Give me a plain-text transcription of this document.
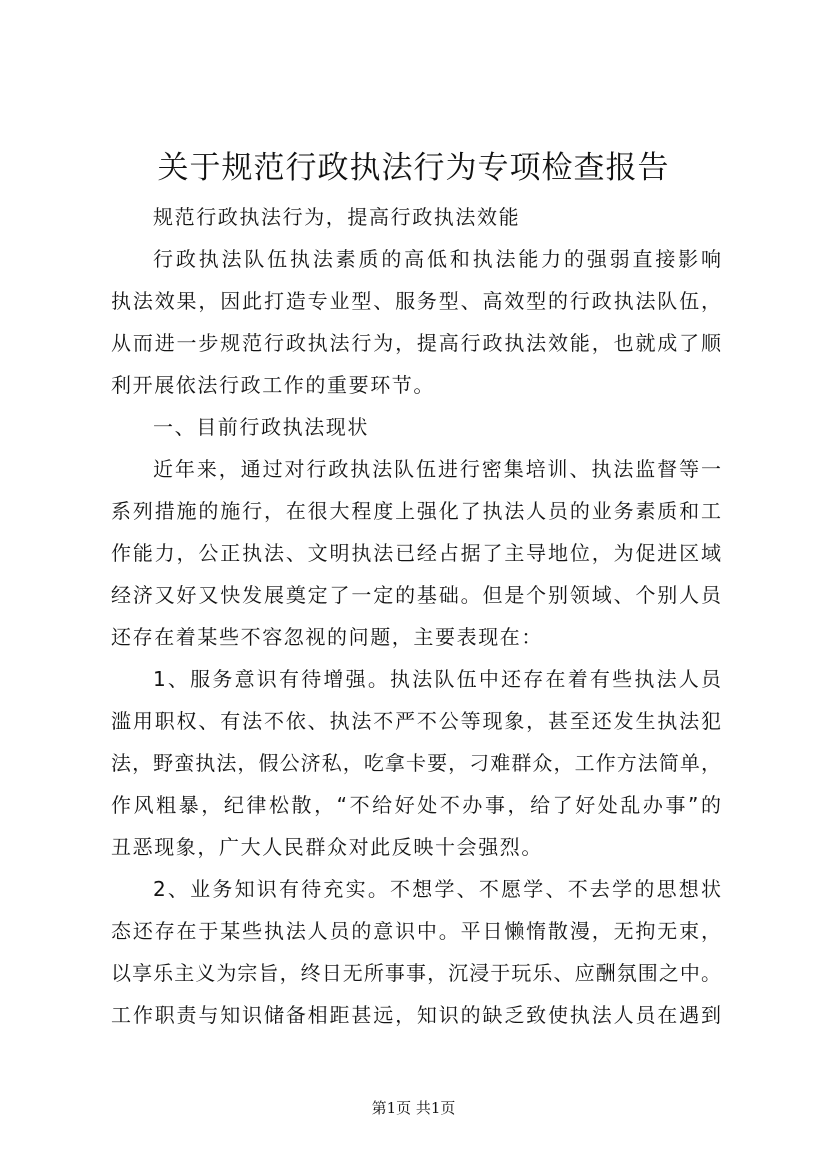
关于规范行政执法行为专项检查报告
规范行政执法行为，提高行政执法效能
行政执法队伍执法素质的高低和执法能力的强弱直接影响
执法效果，因此打造专业型、服务型、高效型的行政执法队伍，
从而进一步规范行政执法行为，提高行政执法效能，也就成了顺
利开展依法行政工作的重要环节。
一、目前行政执法现状
近年来，通过对行政执法队伍进行密集培训、执法监督等一
系列措施的施行，在很大程度上强化了执法人员的业务素质和工
作能力，公正执法、文明执法已经占据了主导地位，为促进区域
经济又好又快发展奠定了一定的基础。但是个别领域、个别人员
还存在着某些不容忽视的问题，主要表现在：
1、服务意识有待增强。执法队伍中还存在着有些执法人员
滥用职权、有法不依、执法不严不公等现象，甚至还发生执法犯
法，野蛮执法，假公济私，吃拿卡要，刁难群众，工作方法简单，
作风粗暴，纪律松散，“不给好处不办事，给了好处乱办事”的
丑恶现象，广大人民群众对此反映十会强烈。
2、业务知识有待充实。不想学、不愿学、不去学的思想状
态还存在于某些执法人员的意识中。平日懒惰散漫，无拘无束，
以享乐主义为宗旨，终日无所事事，沉浸于玩乐、应酬氛围之中。
工作职责与知识储备相距甚远，知识的缺乏致使执法人员在遇到
第1页 共1页
